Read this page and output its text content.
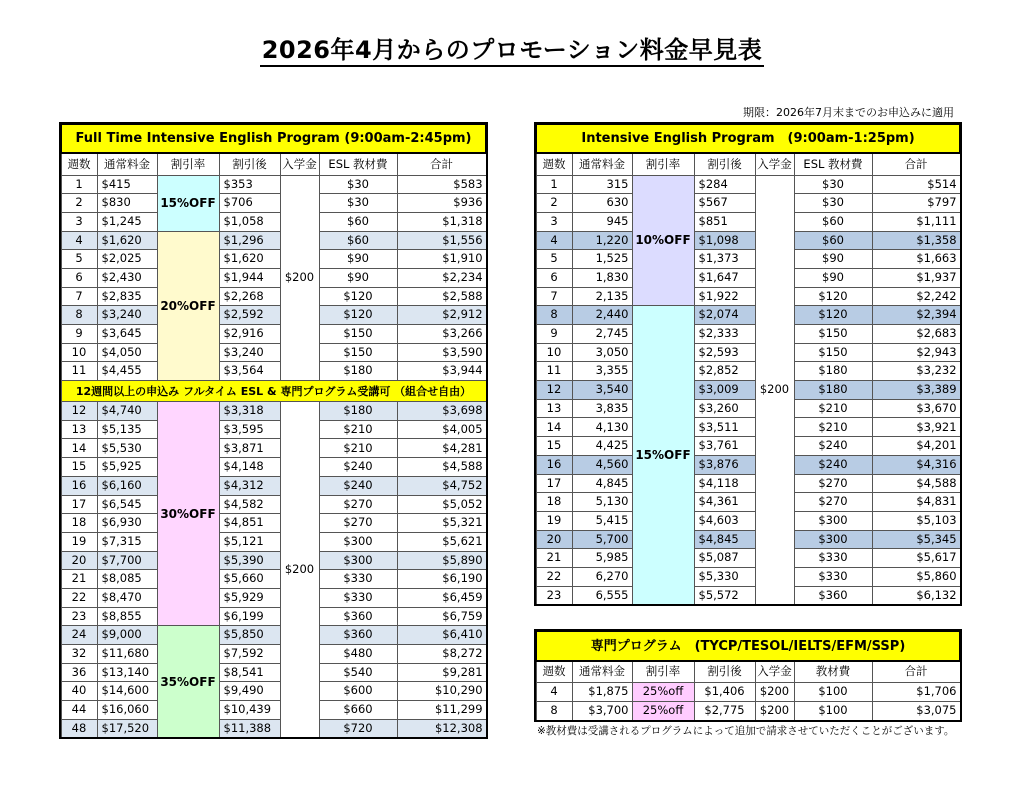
2026年4月からのプロモーション料金早見表
期限：2026年7月末までのお申込みに適用
Full Time Intensive English Program (9:00am-2:45pm)						
週数	通常料金	割引率	割引後	入学金	ESL 教材費	合計
1	$415	15%OFF	$353	$200	$30	$583
2	$830		$706		$30	$936
3	$1,245		$1,058		$60	$1,318
4	$1,620	20%OFF	$1,296		$60	$1,556
5	$2,025		$1,620		$90	$1,910
6	$2,430		$1,944		$90	$2,234
7	$2,835		$2,268		$120	$2,588
8	$3,240		$2,592		$120	$2,912
9	$3,645		$2,916		$150	$3,266
10	$4,050		$3,240		$150	$3,590
11	$4,455		$3,564		$180	$3,944
12週間以上の申込み フルタイム ESL & 専門プログラム受講可 （組合せ自由）						
12	$4,740	30%OFF	$3,318	$200	$180	$3,698
13	$5,135		$3,595		$210	$4,005
14	$5,530		$3,871		$210	$4,281
15	$5,925		$4,148		$240	$4,588
16	$6,160		$4,312		$240	$4,752
17	$6,545		$4,582		$270	$5,052
18	$6,930		$4,851		$270	$5,321
19	$7,315		$5,121		$300	$5,621
20	$7,700		$5,390		$300	$5,890
21	$8,085		$5,660		$330	$6,190
22	$8,470		$5,929		$330	$6,459
23	$8,855		$6,199		$360	$6,759
24	$9,000	35%OFF	$5,850		$360	$6,410
32	$11,680		$7,592		$480	$8,272
36	$13,140		$8,541		$540	$9,281
40	$14,600		$9,490		$600	$10,290
44	$16,060		$10,439		$660	$11,299
48	$17,520		$11,388		$720	$12,308
Intensive English Program　(9:00am-1:25pm)						
週数	通常料金	割引率	割引後	入学金	ESL 教材費	合計
1	315	10%OFF	$284	$200	$30	$514
2	630		$567		$30	$797
3	945		$851		$60	$1,111
4	1,220		$1,098		$60	$1,358
5	1,525		$1,373		$90	$1,663
6	1,830		$1,647		$90	$1,937
7	2,135		$1,922		$120	$2,242
8	2,440	15%OFF	$2,074		$120	$2,394
9	2,745		$2,333		$150	$2,683
10	3,050		$2,593		$150	$2,943
11	3,355		$2,852		$180	$3,232
12	3,540		$3,009		$180	$3,389
13	3,835		$3,260		$210	$3,670
14	4,130		$3,511		$210	$3,921
15	4,425		$3,761		$240	$4,201
16	4,560		$3,876		$240	$4,316
17	4,845		$4,118		$270	$4,588
18	5,130		$4,361		$270	$4,831
19	5,415		$4,603		$300	$5,103
20	5,700		$4,845		$300	$5,345
21	5,985		$5,087		$330	$5,617
22	6,270		$5,330		$330	$5,860
23	6,555		$5,572		$360	$6,132
専門プログラム　(TYCP/TESOL/IELTS/EFM/SSP)						
週数	通常料金	割引率	割引後	入学金	教材費	合計
4	$1,875	25%off	$1,406	$200	$100	$1,706
8	$3,700	25%off	$2,775	$200	$100	$3,075
※教材費は受講されるプログラムによって追加で請求させていただくことがございます。
